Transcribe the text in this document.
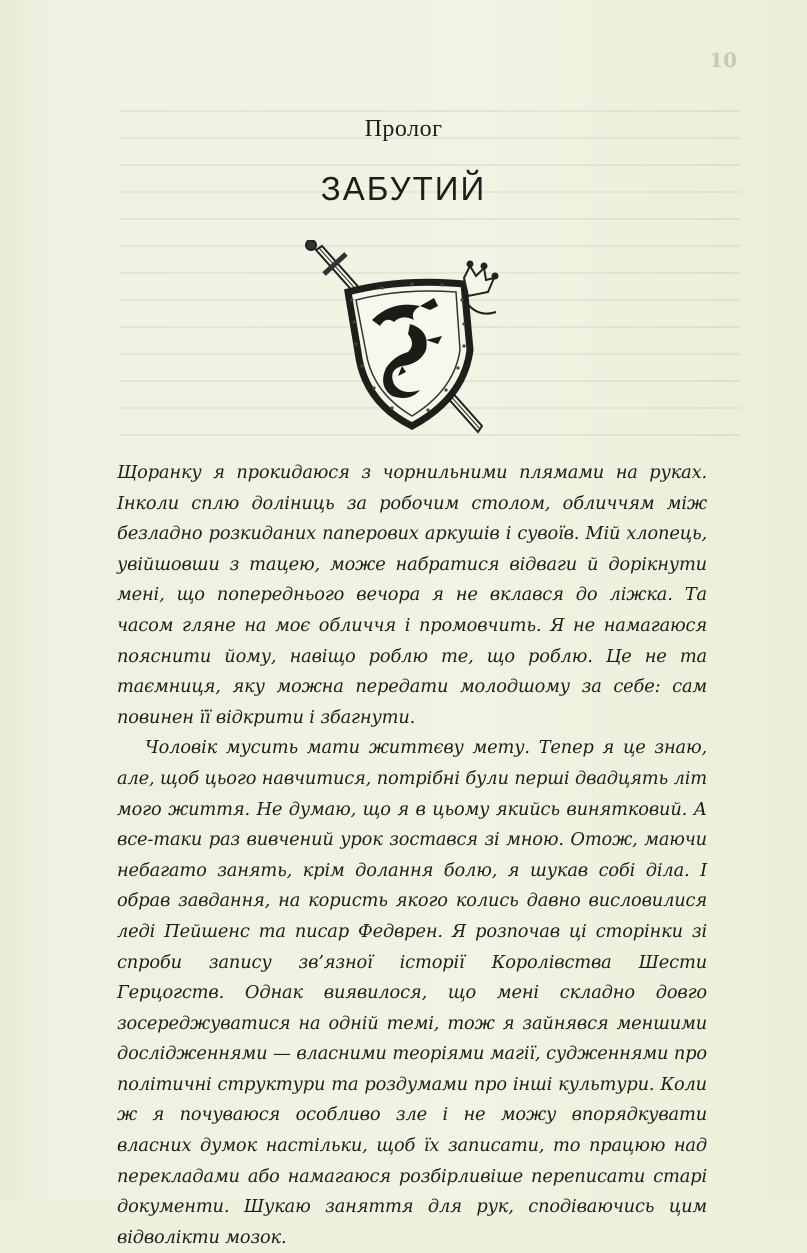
10
Пролог
ЗАБУТИЙ

Щоранку я прокидаюся з чорнильними плямами на руках. Інколи сплю доліниць за робочим столом, обличчям між безладно розкиданих паперових аркушів і сувоїв. Мій хлопець, увійшовши з тацею, може набратися відваги й дорікнути мені, що попереднього вечора я не вклався до ліжка. Та часом гляне на моє обличчя і промовчить. Я не намагаюся пояснити йому, навіщо роблю те, що роблю. Це не та таємниця, яку можна передати молодшому за себе: сам повинен її відкрити і збагнути.

Чоловік мусить мати життєву мету. Тепер я це знаю, але, щоб цього навчитися, потрібні були перші двадцять літ мого життя. Не думаю, що я в цьому якийсь винятковий. А все-таки раз вивчений урок зостався зі мною. Отож, маючи небагато занять, крім долання болю, я шукав собі діла. І обрав завдання, на користь якого колись давно висловилися леді Пейшенс та писар Федврен. Я розпочав ці сторінки зі спроби запису зв’язної історії Королівства Шести Герцогств. Однак виявилося, що мені складно довго зосереджуватися на одній темі, тож я зайнявся меншими дослідженнями — власними теоріями магії, судженнями про політичні структури та роздумами про інші культури. Коли ж я почуваюся особливо зле і не можу впорядкувати власних думок настільки, щоб їх записати, то працюю над перекладами або намагаюся розбірливіше переписати старі документи. Шукаю заняття для рук, сподіваючись цим відволікти мозок.
